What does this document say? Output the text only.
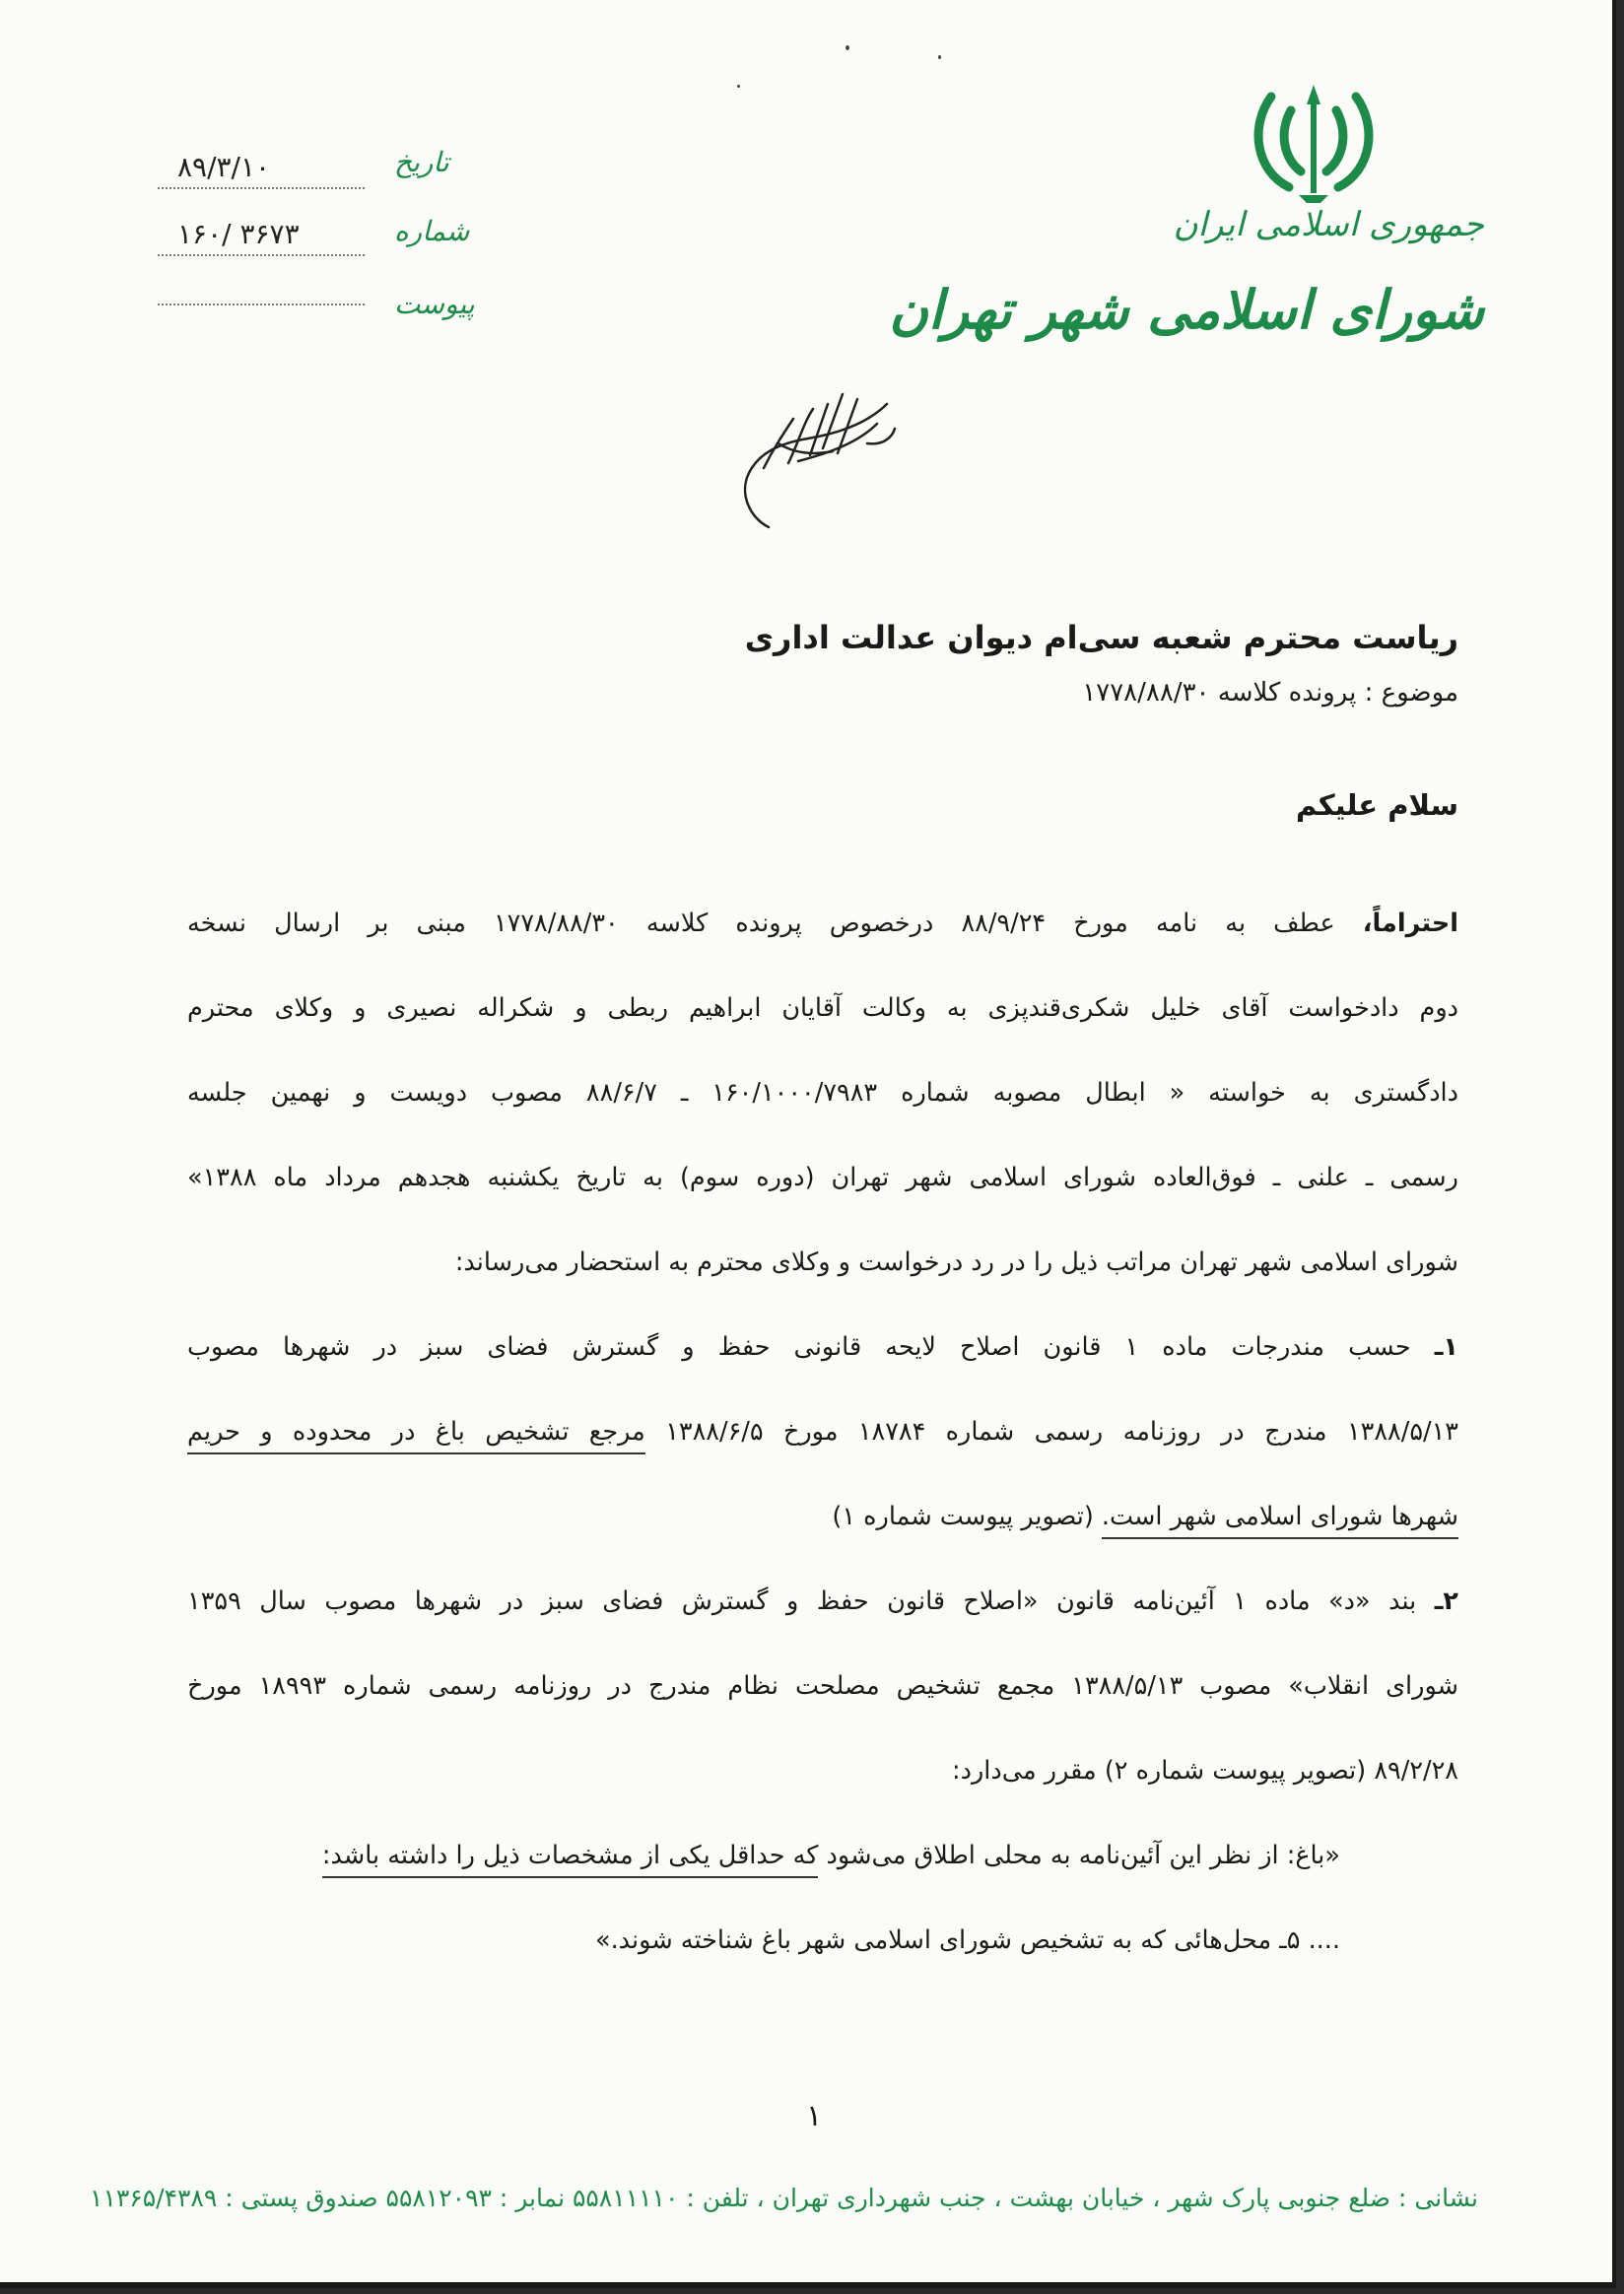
جمهوری اسلامی ایران
شورای اسلامی شهر تهران
۸۹/۳/۱۰	تاریخ
۱۶۰/ ۳۶۷۳	شماره
پیوست
ریاست محترم شعبه سی‌ام دیوان عدالت اداری
موضوع : پرونده کلاسه ۱۷۷۸/۸۸/۳۰
سلام علیکم
احتراماً، عطف به نامه مورخ ۸۸/۹/۲۴ درخصوص پرونده کلاسه ۱۷۷۸/۸۸/۳۰ مبنی بر ارسال نسخه
دوم دادخواست آقای خلیل شکری‌قندپزی به وکالت آقایان ابراهیم ربطی و شکراله نصیری و وکلای محترم
دادگستری به خواسته « ابطال مصوبه شماره ۱۶۰/۱۰۰۰/۷۹۸۳ ـ ۸۸/۶/۷ مصوب دویست و نهمین جلسه
رسمی ـ علنی ـ فوق‌العاده شورای اسلامی شهر تهران (دوره سوم) به تاریخ یکشنبه هجدهم مرداد ماه ۱۳۸۸»
شورای اسلامی شهر تهران مراتب ذیل را در رد درخواست و وکلای محترم به استحضار می‌رساند:
۱ـ حسب مندرجات ماده ۱ قانون اصلاح لایحه قانونی حفظ و گسترش فضای سبز در شهرها مصوب
۱۳۸۸/۵/۱۳ مندرج در روزنامه رسمی شماره ۱۸۷۸۴ مورخ ۱۳۸۸/۶/۵ مرجع تشخیص باغ در محدوده و حریم
شهرها شورای اسلامی شهر است. (تصویر پیوست شماره ۱)
۲ـ بند «د» ماده ۱ آئین‌نامه قانون «اصلاح قانون حفظ و گسترش فضای سبز در شهرها مصوب سال ۱۳۵۹
شورای انقلاب» مصوب ۱۳۸۸/۵/۱۳ مجمع تشخیص مصلحت نظام مندرج در روزنامه رسمی شماره ۱۸۹۹۳ مورخ
۸۹/۲/۲۸ (تصویر پیوست شماره ۲) مقرر می‌دارد:
«باغ: از نظر این آئین‌نامه به محلی اطلاق می‌شود که حداقل یکی از مشخصات ذیل را داشته باشد:
.... ۵ـ محل‌هائی که به تشخیص شورای اسلامی شهر باغ شناخته شوند.»
۱
نشانی : ضلع جنوبی پارک شهر ، خیابان بهشت ، جنب شهرداری تهران ، تلفن : ۵۵۸۱۱۱۱۰ نمابر : ۵۵۸۱۲۰۹۳ صندوق پستی : ۱۱۳۶۵/۴۳۸۹
